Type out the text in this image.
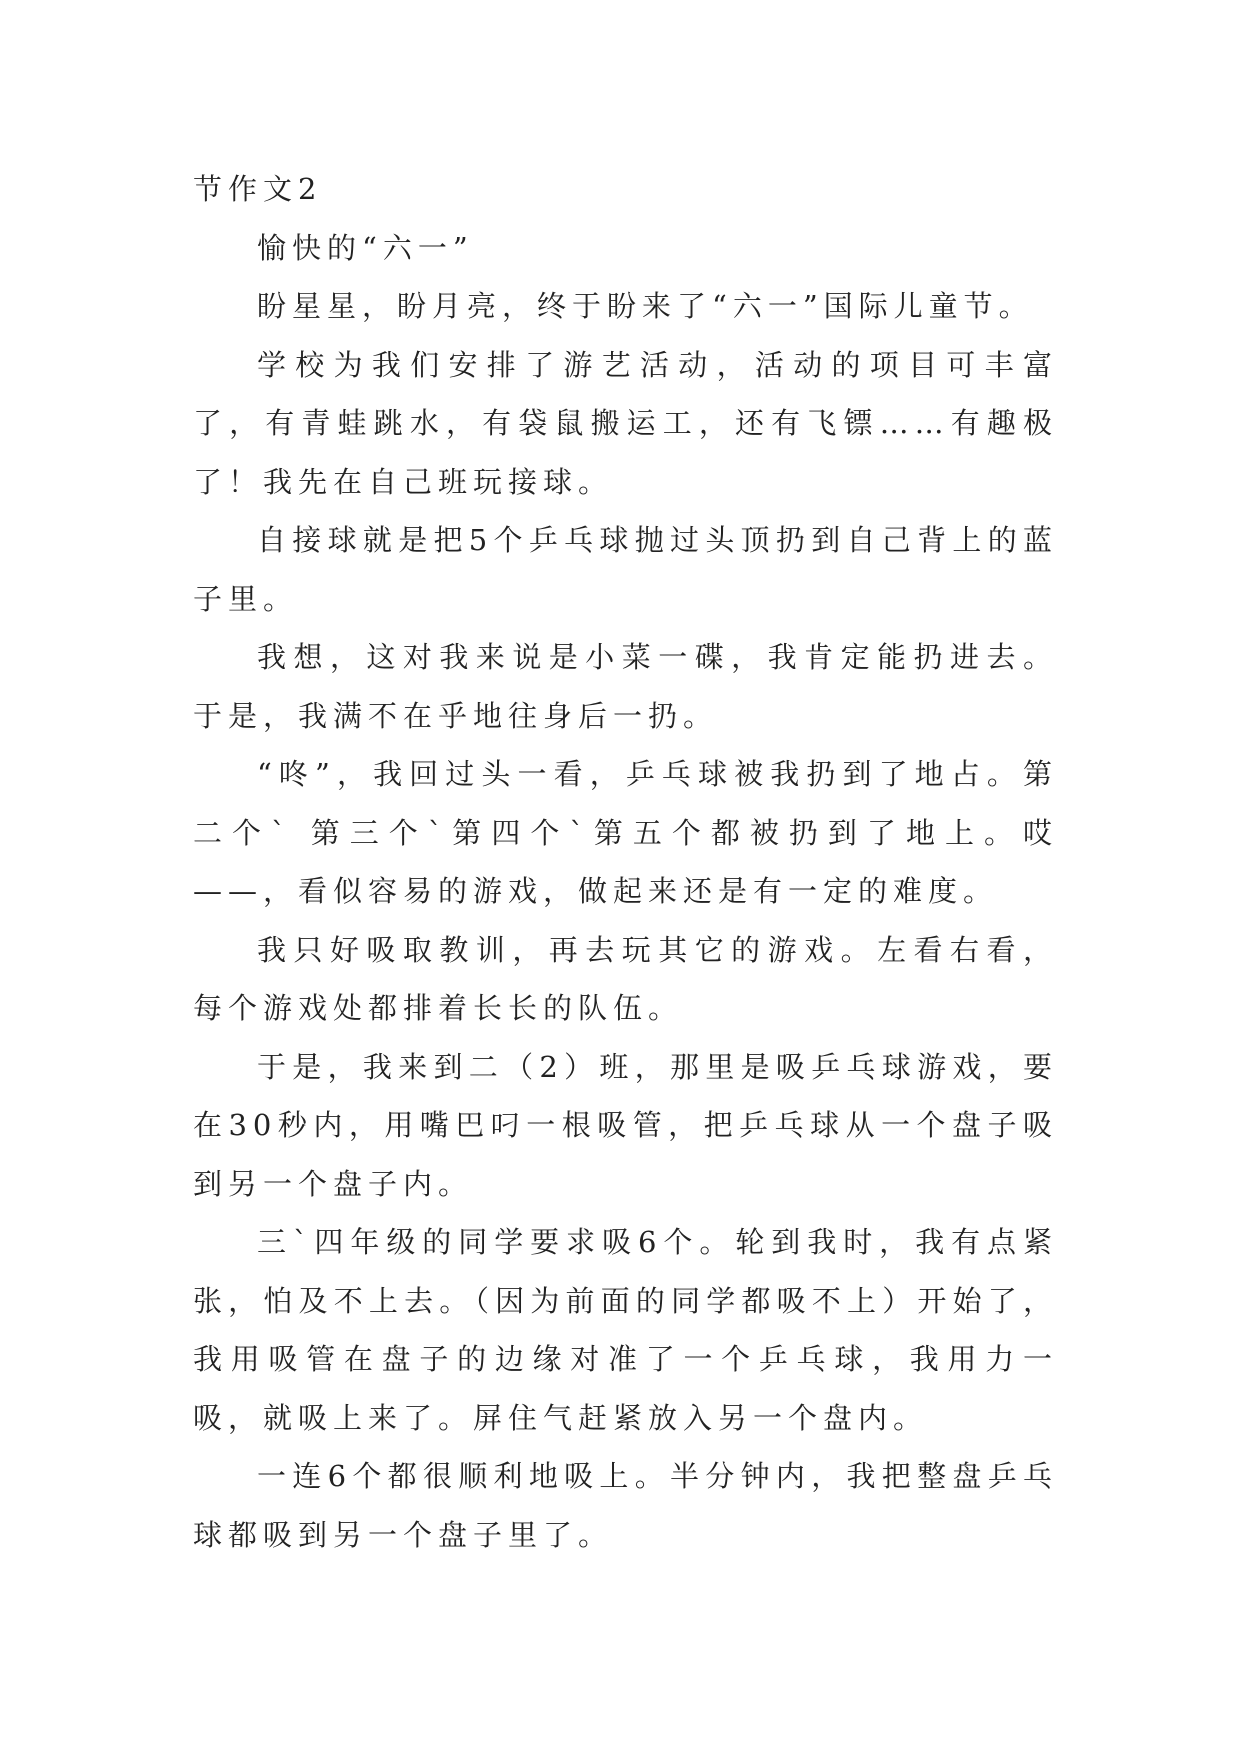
节作文2

愉快的“六一”

盼星星，盼月亮，终于盼来了“六一”国际儿童节。

学校为我们安排了游艺活动，活动的项目可丰富了，有青蛙跳水，有袋鼠搬运工，还有飞镖……有趣极了！我先在自己班玩接球。

自接球就是把5个乒乓球抛过头顶扔到自己背上的蓝子里。

我想，这对我来说是小菜一碟，我肯定能扔进去。于是，我满不在乎地往身后一扔。

“咚”，我回过头一看，乒乓球被我扔到了地占。第二个` 第三个`第四个`第五个都被扔到了地上。哎——，看似容易的游戏，做起来还是有一定的难度。

我只好吸取教训，再去玩其它的游戏。左看右看，每个游戏处都排着长长的队伍。

于是，我来到二（2）班，那里是吸乒乓球游戏，要在30秒内，用嘴巴叼一根吸管，把乒乓球从一个盘子吸到另一个盘子内。

三`四年级的同学要求吸6个。轮到我时，我有点紧张，怕及不上去。（因为前面的同学都吸不上）开始了，我用吸管在盘子的边缘对准了一个乒乓球，我用力一吸，就吸上来了。屏住气赶紧放入另一个盘内。

一连6个都很顺利地吸上。半分钟内，我把整盘乒乓球都吸到另一个盘子里了。
